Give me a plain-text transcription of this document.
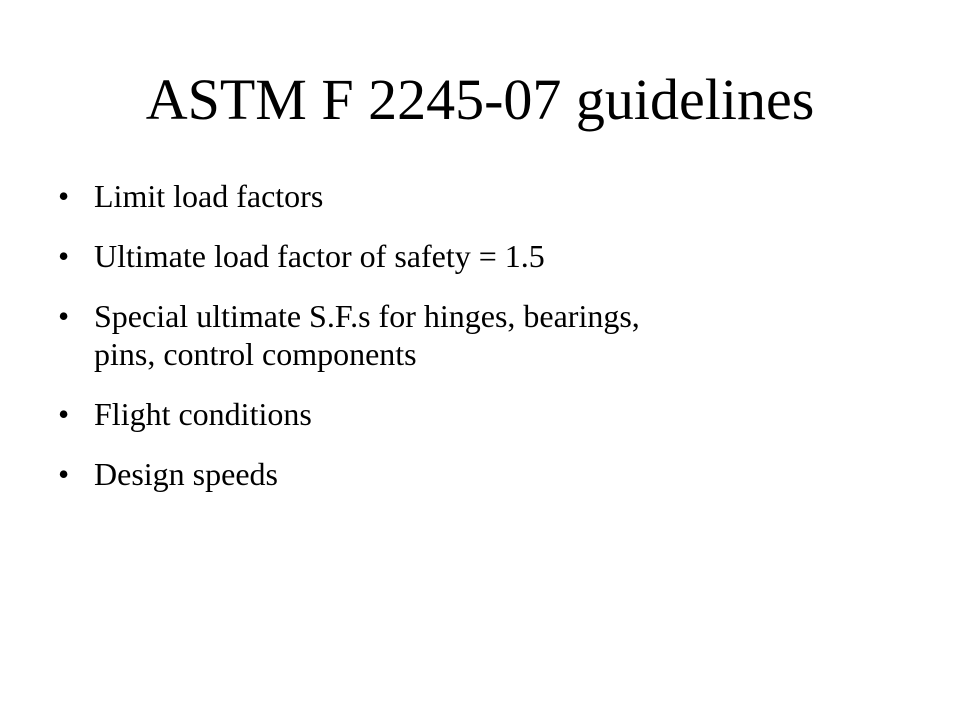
ASTM F 2245-07 guidelines
• Limit load factors
• Ultimate load factor of safety = 1.5
• Special ultimate S.F.s for hinges, bearings,
pins, control components
• Flight conditions
• Design speeds
